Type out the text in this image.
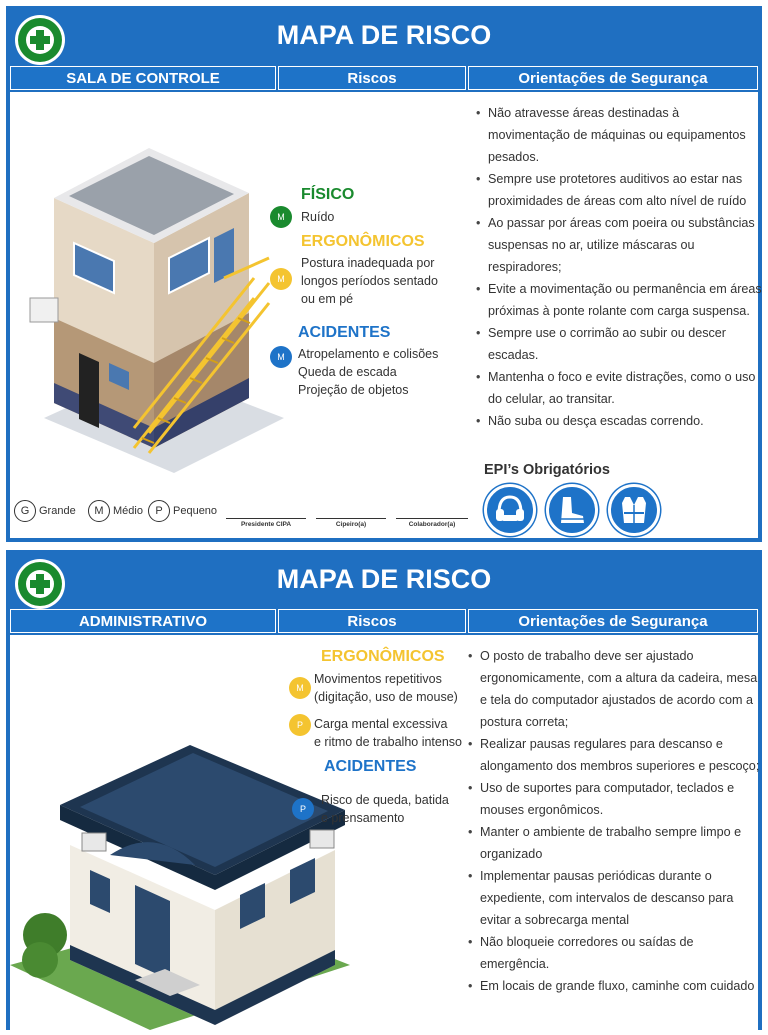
MAPA DE RISCO
SALA DE CONTROLE	Riscos	Orientações de Segurança
FÍSICO
M	Ruído
ERGONÔMICOS
M
Postura inadequada por
longos períodos sentado
ou em pé
ACIDENTES
M	Atropelamento e colisões
Queda de escada
Projeção de objetos
• Não atravesse áreas destinadas à movimentação de máquinas ou equipamentos pesados.
• Sempre use protetores auditivos ao estar nas proximidades de áreas com alto nível de ruído
• Ao passar por áreas com poeira ou substâncias suspensas no ar, utilize máscaras ou respiradores;
• Evite a movimentação ou permanência em áreas próximas à ponte rolante com carga suspensa.
• Sempre use o corrimão ao subir ou descer escadas.
• Mantenha o foco e evite distrações, como o uso do celular, ao transitar.
• Não suba ou desça escadas correndo.
EPI’s Obrigatórios
G Grande	M Médio	P Pequeno
Presidente CIPA	Cipeiro(a)	Colaborador(a)
MAPA DE RISCO
ADMINISTRATIVO	Riscos	Orientações de Segurança
ERGONÔMICOS
M
Movimentos repetitivos
(digitação, uso de mouse)
P Carga mental excessiva
e ritmo de trabalho intenso
ACIDENTES
P
Risco de queda, batida
e prensamento
• O posto de trabalho deve ser ajustado ergonomicamente, com a altura da cadeira, mesa e tela do computador ajustados de acordo com a postura correta;
• Realizar pausas regulares para descanso e alongamento dos membros superiores e pescoço;
• Uso de suportes para computador, teclados e mouses ergonômicos.
• Manter o ambiente de trabalho sempre limpo e organizado
• Implementar pausas periódicas durante o expediente, com intervalos de descanso para evitar a sobrecarga mental
• Não bloqueie corredores ou saídas de emergência.
• Em locais de grande fluxo, caminhe com cuidado
